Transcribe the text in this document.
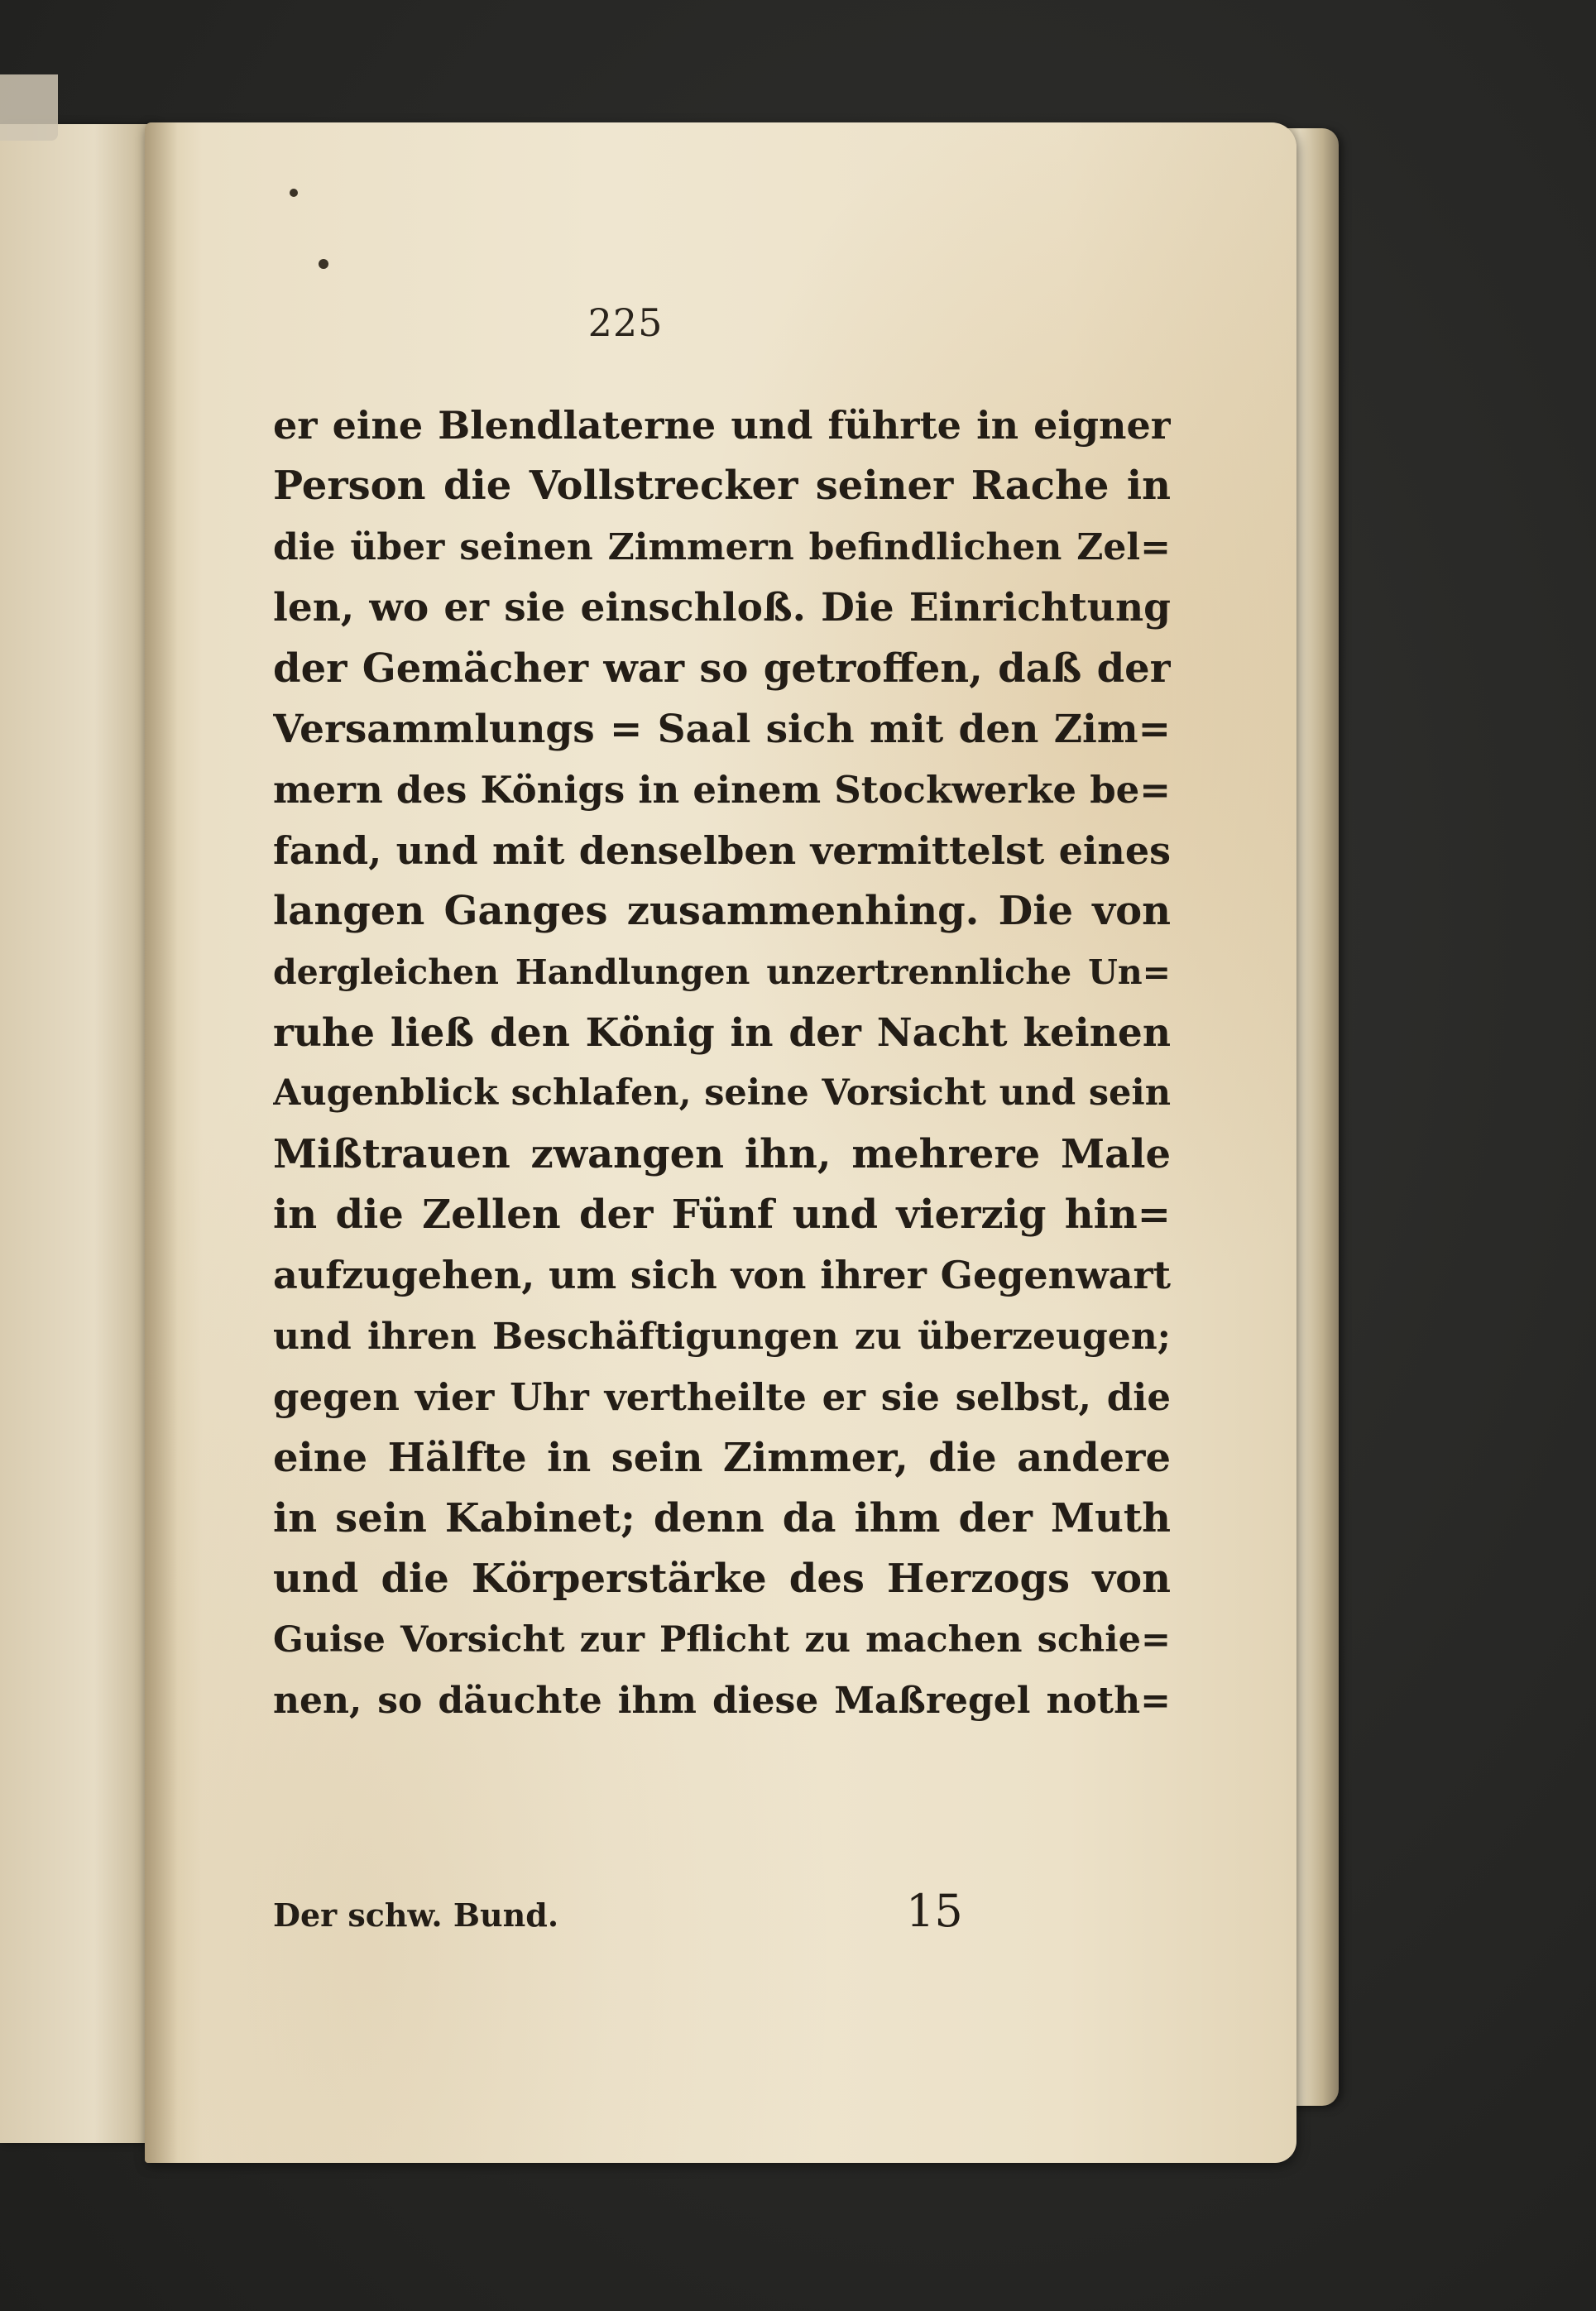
225
er eine Blendlaterne und führte in eigner
Person die Vollstrecker seiner Rache in
die über seinen Zimmern befindlichen Zel=
len, wo er sie einschloß. Die Einrichtung
der Gemächer war so getroffen, daß der
Versammlungs = Saal sich mit den Zim=
mern des Königs in einem Stockwerke be=
fand, und mit denselben vermittelst eines
langen Ganges zusammenhing. Die von
dergleichen Handlungen unzertrennliche Un=
ruhe ließ den König in der Nacht keinen
Augenblick schlafen, seine Vorsicht und sein
Mißtrauen zwangen ihn, mehrere Male
in die Zellen der Fünf und vierzig hin=
aufzugehen, um sich von ihrer Gegenwart
und ihren Beschäftigungen zu überzeugen;
gegen vier Uhr vertheilte er sie selbst, die
eine Hälfte in sein Zimmer, die andere
in sein Kabinet; denn da ihm der Muth
und die Körperstärke des Herzogs von
Guise Vorsicht zur Pflicht zu machen schie=
nen, so däuchte ihm diese Maßregel noth=
Der schw. Bund.	15
